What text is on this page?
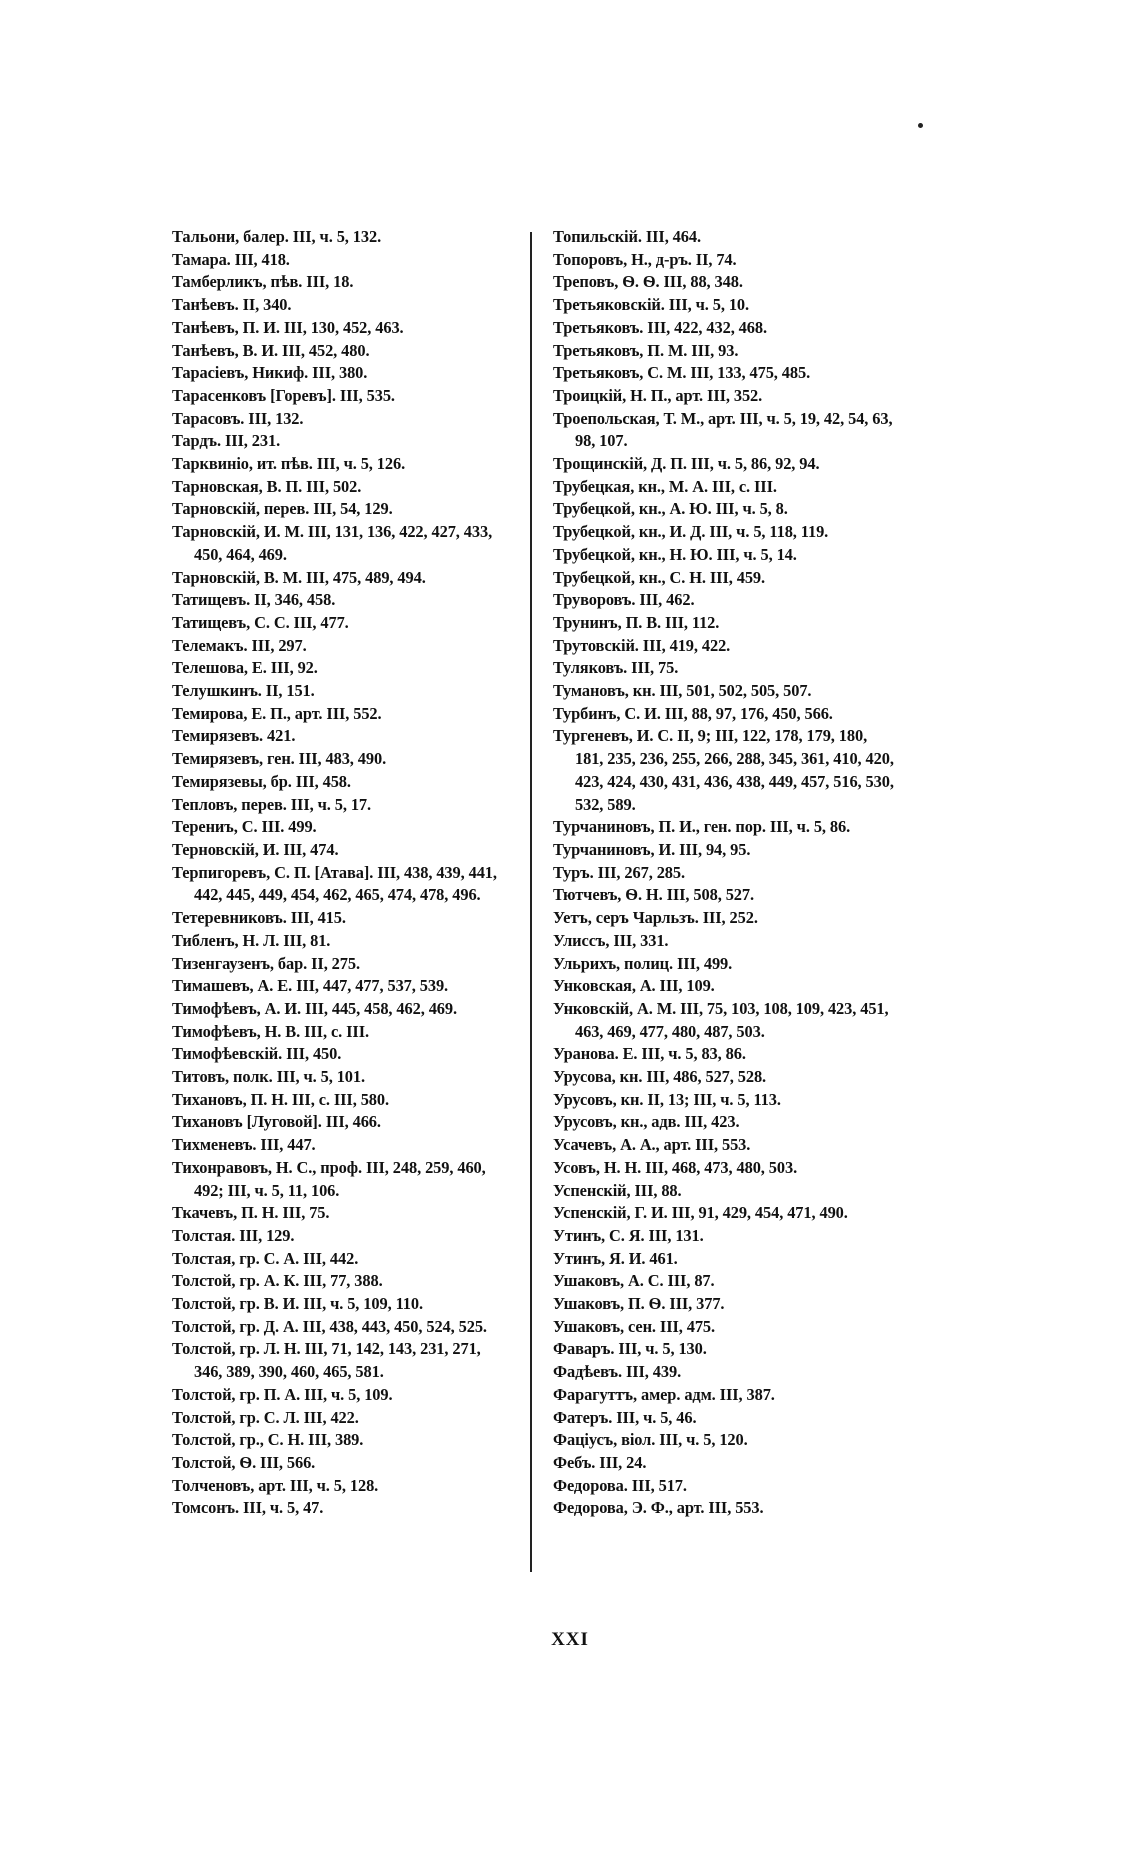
Тальони, балер. III, ч. 5, 132.
Тамара. III, 418.
Тамберликъ, пѣв. III, 18.
Танѣевъ. II, 340.
Танѣевъ, П. И. III, 130, 452, 463.
Танѣевъ, В. И. III, 452, 480.
Тарасіевъ, Никиф. III, 380.
Тарасенковъ [Горевъ]. III, 535.
Тарасовъ. III, 132.
Тардъ. III, 231.
Тарквиніо, ит. пѣв. III, ч. 5, 126.
Тарновская, В. П. III, 502.
Тарновскій, перев. III, 54, 129.
Тарновскій, И. М. III, 131, 136, 422, 427, 433, 450, 464, 469.
Тарновскій, В. М. III, 475, 489, 494.
Татищевъ. II, 346, 458.
Татищевъ, С. С. III, 477.
Телемакъ. III, 297.
Телешова, Е. III, 92.
Телушкинъ. II, 151.
Темирова, Е. П., арт. III, 552.
Темирязевъ. 421.
Темирязевъ, ген. III, 483, 490.
Темирязевы, бр. III, 458.
Тепловъ, перев. III, ч. 5, 17.
Терениъ, С. III. 499.
Терновскій, И. III, 474.
Терпигоревъ, С. П. [Атава]. III, 438, 439, 441, 442, 445, 449, 454, 462, 465, 474, 478, 496.
Тетеревниковъ. III, 415.
Тибленъ, Н. Л. III, 81.
Тизенгаузенъ, бар. II, 275.
Тимашевъ, А. Е. III, 447, 477, 537, 539.
Тимофѣевъ, А. И. III, 445, 458, 462, 469.
Тимофѣевъ, Н. В. III, с. III.
Тимофѣевскій. III, 450.
Титовъ, полк. III, ч. 5, 101.
Тихановъ, П. Н. III, с. III, 580.
Тихановъ [Луговой]. III, 466.
Тихменевъ. III, 447.
Тихонравовъ, Н. С., проф. III, 248, 259, 460, 492; III, ч. 5, 11, 106.
Ткачевъ, П. Н. III, 75.
Толстая. III, 129.
Толстая, гр. С. А. III, 442.
Толстой, гр. А. К. III, 77, 388.
Толстой, гр. В. И. III, ч. 5, 109, 110.
Толстой, гр. Д. А. III, 438, 443, 450, 524, 525.
Толстой, гр. Л. Н. III, 71, 142, 143, 231, 271, 346, 389, 390, 460, 465, 581.
Толстой, гр. П. А. III, ч. 5, 109.
Толстой, гр. С. Л. III, 422.
Толстой, гр., С. Н. III, 389.
Толстой, Ѳ. III, 566.
Толченовъ, арт. III, ч. 5, 128.
Томсонъ. III, ч. 5, 47.
Топильскій. III, 464.
Топоровъ, Н., д-ръ. II, 74.
Треповъ, Ѳ. Ѳ. III, 88, 348.
Третьяковскій. III, ч. 5, 10.
Третьяковъ. III, 422, 432, 468.
Третьяковъ, П. М. III, 93.
Третьяковъ, С. М. III, 133, 475, 485.
Троицкій, Н. П., арт. III, 352.
Троепольская, Т. М., арт. III, ч. 5, 19, 42, 54, 63, 98, 107.
Трощинскій, Д. П. III, ч. 5, 86, 92, 94.
Трубецкая, кн., М. А. III, с. III.
Трубецкой, кн., А. Ю. III, ч. 5, 8.
Трубецкой, кн., И. Д. III, ч. 5, 118, 119.
Трубецкой, кн., Н. Ю. III, ч. 5, 14.
Трубецкой, кн., С. Н. III, 459.
Труворовъ. III, 462.
Трунинъ, П. В. III, 112.
Трутовскій. III, 419, 422.
Туляковъ. III, 75.
Тумановъ, кн. III, 501, 502, 505, 507.
Турбинъ, С. И. III, 88, 97, 176, 450, 566.
Тургеневъ, И. С. II, 9; III, 122, 178, 179, 180, 181, 235, 236, 255, 266, 288, 345, 361, 410, 420, 423, 424, 430, 431, 436, 438, 449, 457, 516, 530, 532, 589.
Турчаниновъ, П. И., ген. пор. III, ч. 5, 86.
Турчаниновъ, И. III, 94, 95.
Туръ. III, 267, 285.
Тютчевъ, Ѳ. Н. III, 508, 527.
Уетъ, серъ Чарльзъ. III, 252.
Улиссъ, III, 331.
Ульрихъ, полиц. III, 499.
Унковская, А. III, 109.
Унковскій, А. М. III, 75, 103, 108, 109, 423, 451, 463, 469, 477, 480, 487, 503.
Уранова. Е. III, ч. 5, 83, 86.
Урусова, кн. III, 486, 527, 528.
Урусовъ, кн. II, 13; III, ч. 5, 113.
Урусовъ, кн., адв. III, 423.
Усачевъ, А. А., арт. III, 553.
Усовъ, Н. Н. III, 468, 473, 480, 503.
Успенскій, III, 88.
Успенскій, Г. И. III, 91, 429, 454, 471, 490.
Утинъ, С. Я. III, 131.
Утинъ, Я. И. 461.
Ушаковъ, А. С. III, 87.
Ушаковъ, П. Ѳ. III, 377.
Ушаковъ, сен. III, 475.
Фаваръ. III, ч. 5, 130.
Фадѣевъ. III, 439.
Фарагуттъ, амер. адм. III, 387.
Фатеръ. III, ч. 5, 46.
Фаціусъ, віол. III, ч. 5, 120.
Фебъ. III, 24.
Федорова. III, 517.
Федорова, Э. Ф., арт. III, 553.
XXI
